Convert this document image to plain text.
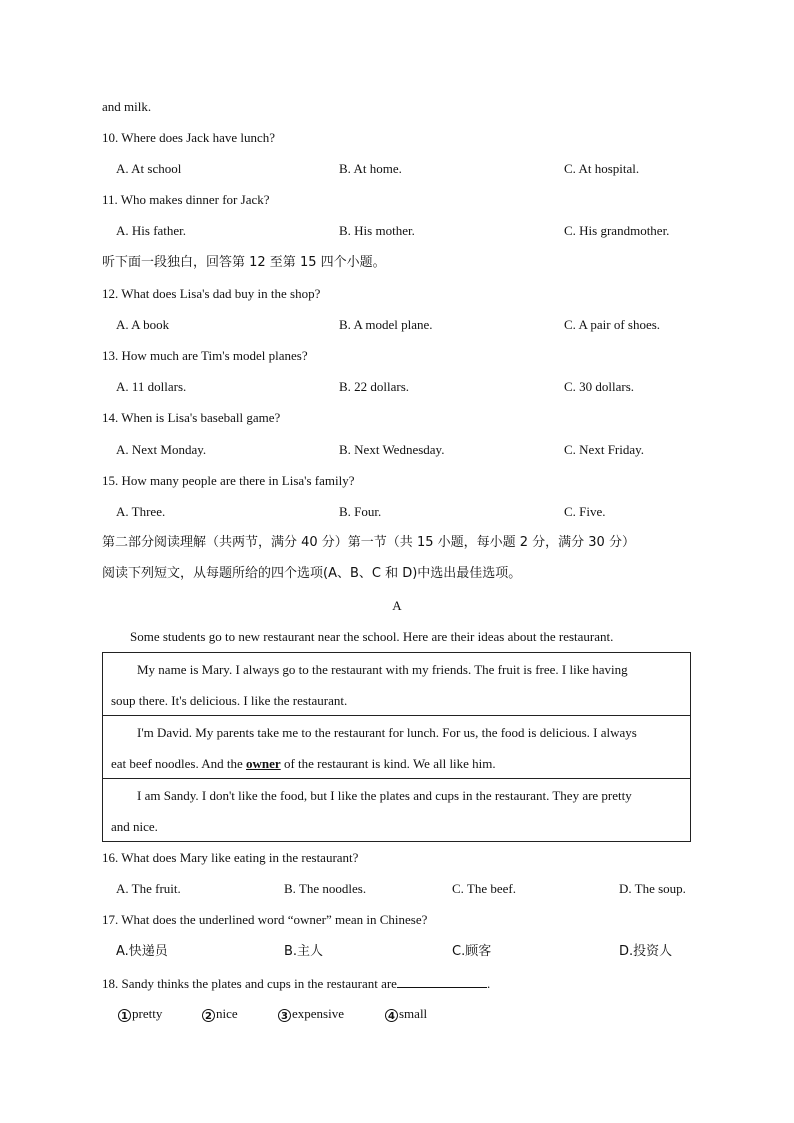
and milk.
10. Where does Jack have lunch?
A. At school	B. At home.	C. At hospital.
11. Who makes dinner for Jack?
A. His father.	B. His mother.	C. His grandmother.
听下面一段独白，回答第 12 至第 15 四个小题。
12. What does Lisa's dad buy in the shop?
A. A book	B. A model plane.	C. A pair of shoes.
13. How much are Tim's model planes?
A. 11 dollars.	B. 22 dollars.	C. 30 dollars.
14. When is Lisa's baseball game?
A. Next Monday.	B. Next Wednesday.	C. Next Friday.
15. How many people are there in Lisa's family?
A. Three.	B. Four.	C. Five.
第二部分阅读理解（共两节，满分 40 分）第一节（共 15 小题，每小题 2 分，满分 30 分）
阅读下列短文，从每题所给的四个选项(A、B、C 和 D)中选出最佳选项。
A
Some students go to new restaurant near the school. Here are their ideas about the restaurant.

My name is Mary. I always go to the restaurant with my friends. The fruit is free. I like having

soup there. It's delicious. I like the restaurant.

I'm David. My parents take me to the restaurant for lunch. For us, the food is delicious. I always

eat beef noodles. And the owner of the restaurant is kind. We all like him.

I am Sandy. I don't like the food, but I like the plates and cups in the restaurant. They are pretty

and nice.

16. What does Mary like eating in the restaurant?
A. The fruit.	B. The noodles.	C. The beef.	D. The soup.
17. What does the underlined word “owner” mean in Chinese?
A.快递员	B.主人	C.顾客	D.投资人
18. Sandy thinks the plates and cups in the restaurant are	.
1 pretty	2 nice	3 expensive	4 small
